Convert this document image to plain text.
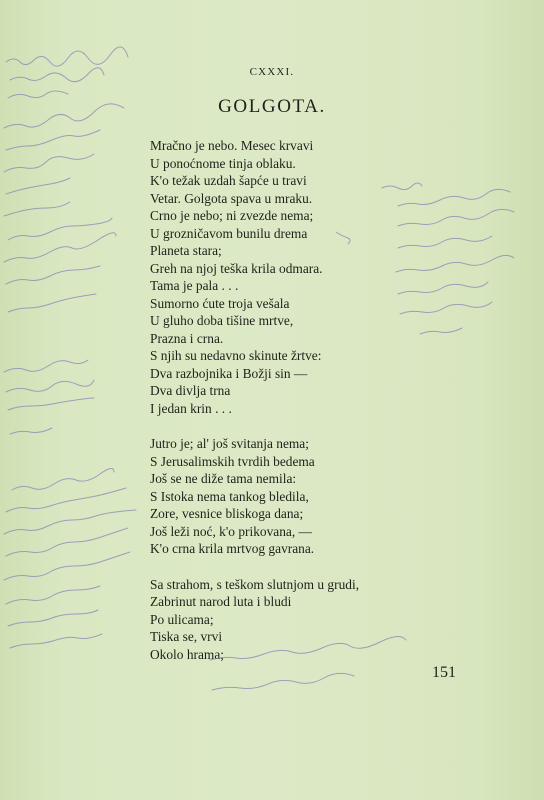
CXXXI.
GOLGOTA.
Mračno je nebo. Mesec krvavi
U ponoćnome tinja oblaku.
K'o težak uzdah šapće u travi
Vetar. Golgota spava u mraku.
Crno je nebo; ni zvezde nema;
U grozničavom bunilu drema
Planeta stara;
Greh na njoj teška krila odmara.
Tama je pala . . .
Sumorno ćute troja vešala
U gluho doba tišine mrtve,
Prazna i crna.
S njih su nedavno skinute žrtve:
Dva razbojnika i Božji sin —
Dva divlja trna
I jedan krin . . .
Jutro je; al' još svitanja nema;
S Jerusalimskih tvrdih bedema
Još se ne diže tama nemila:
S Istoka nema tankog bledila,
Zore, vesnice bliskoga dana;
Još leži noć, k'o prikovana, —
K'o crna krila mrtvog gavrana.
Sa strahom, s teškom slutnjom u grudi,
Zabrinut narod luta i bludi
Po ulicama;
Tiska se, vrvi
Okolo hrama;
151
